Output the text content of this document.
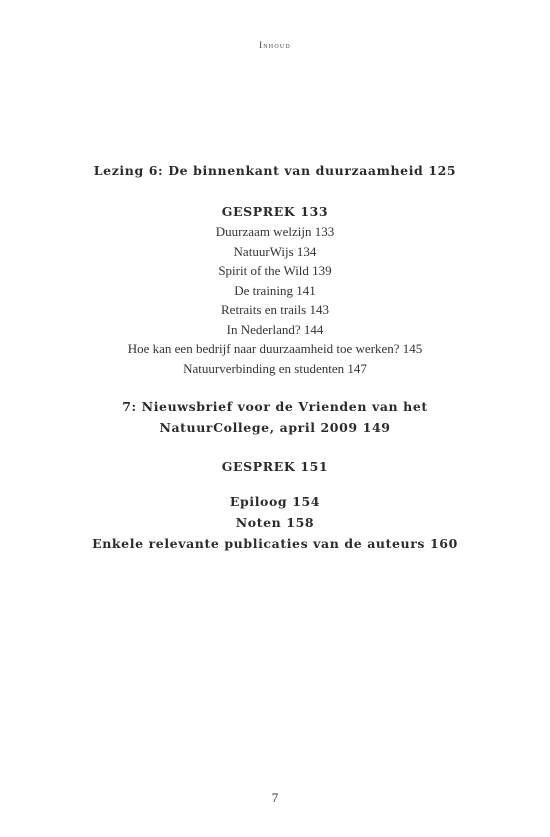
Inhoud
Lezing 6: De binnenkant van duurzaamheid 125
GESPREK 133
Duurzaam welzijn 133
NatuurWijs 134
Spirit of the Wild 139
De training 141
Retraits en trails 143
In Nederland? 144
Hoe kan een bedrijf naar duurzaamheid toe werken? 145
Natuurverbinding en studenten 147
7: Nieuwsbrief voor de Vrienden van het
NatuurCollege, april 2009 149
GESPREK 151
Epiloog 154
Noten 158
Enkele relevante publicaties van de auteurs 160
7
